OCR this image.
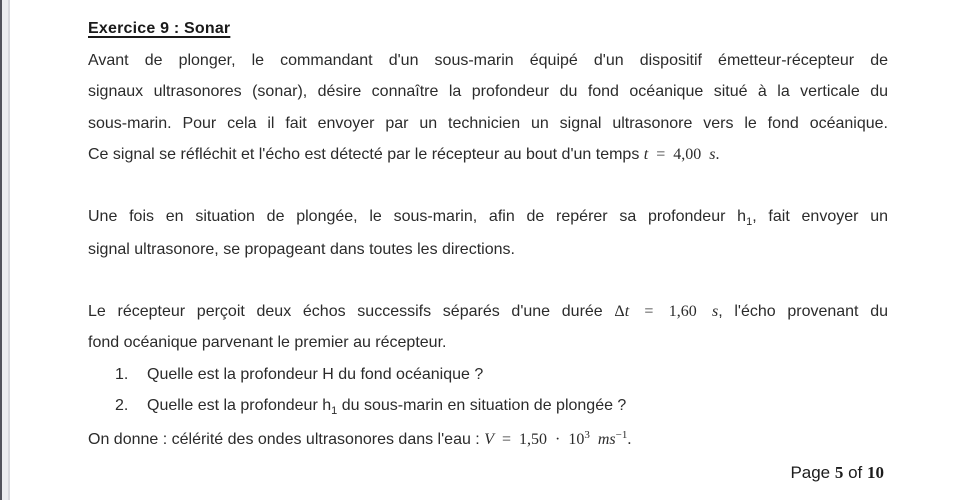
Exercice 9 : Sonar
Avant de plonger, le commandant d'un sous-marin équipé d'un dispositif émetteur-récepteur de
signaux ultrasonores (sonar), désire connaître la profondeur du fond océanique situé à la verticale du
sous-marin. Pour cela il fait envoyer par un technicien un signal ultrasonore vers le fond océanique.
Ce signal se réfléchit et l'écho est détecté par le récepteur au bout d'un temps t = 4,00 s.
Une fois en situation de plongée, le sous-marin, afin de repérer sa profondeur $h_1$, fait envoyer un
signal ultrasonore, se propageant dans toutes les directions.
Le récepteur perçoit deux échos successifs séparés d'une durée Δt = 1,60 s, l'écho provenant du
fond océanique parvenant le premier au récepteur.
1. Quelle est la profondeur H du fond océanique ?
2. Quelle est la profondeur $h_1$ du sous-marin en situation de plongée ?
On donne : célérité des ondes ultrasonores dans l'eau : $V = 1,50 \cdot 10^3$ $ms^{-1}$.
Page 5 of 10
